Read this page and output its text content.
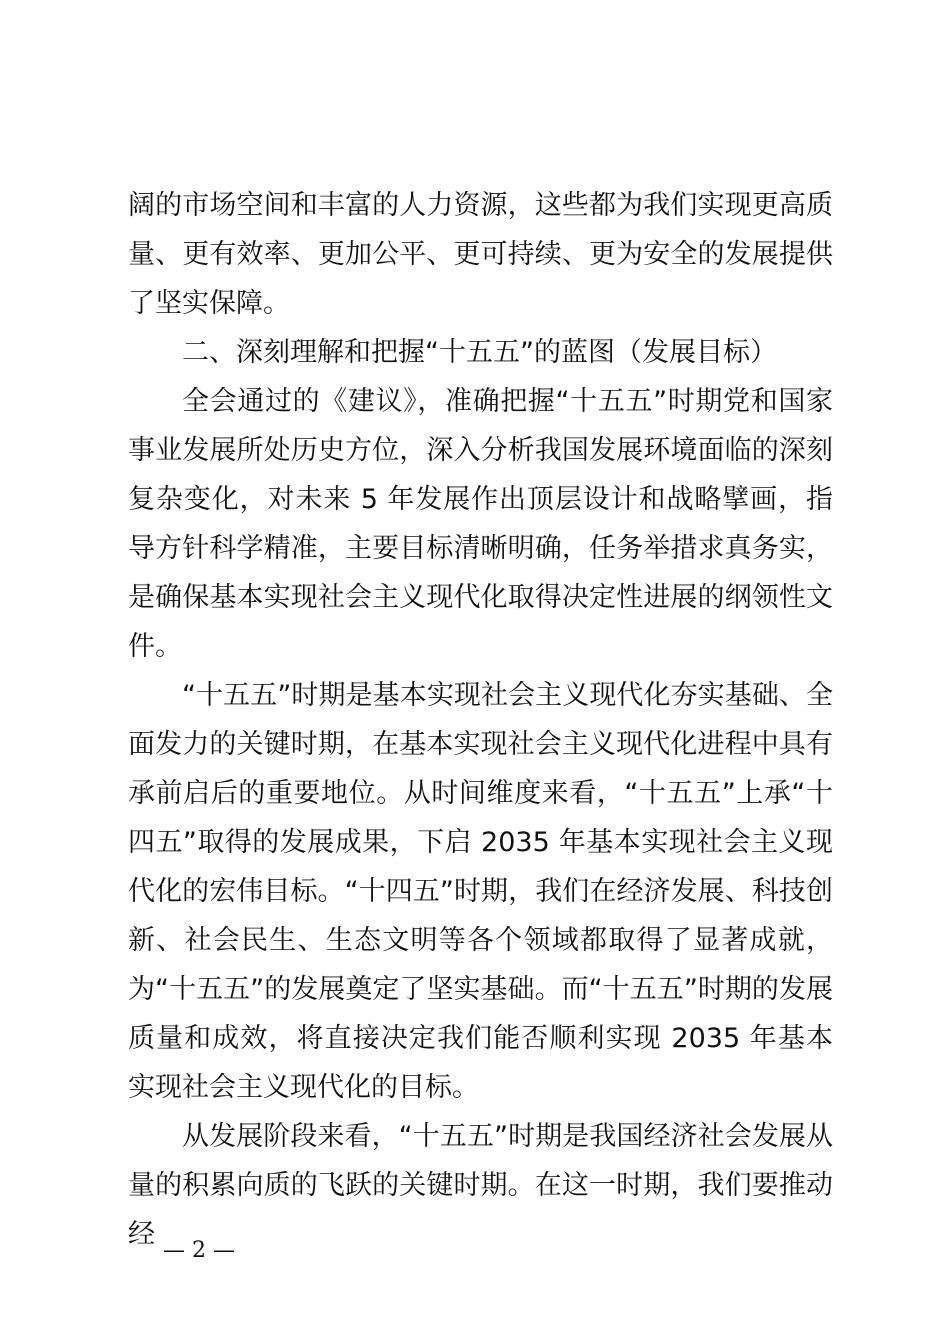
阔的市场空间和丰富的人力资源，这些都为我们实现更高质量、更有效率、更加公平、更可持续、更为安全的发展提供了坚实保障。

二、深刻理解和把握“十五五”的蓝图（发展目标）

全会通过的《建议》，准确把握“十五五”时期党和国家事业发展所处历史方位，深入分析我国发展环境面临的深刻复杂变化，对未来 5 年发展作出顶层设计和战略擘画，指导方针科学精准，主要目标清晰明确，任务举措求真务实，是确保基本实现社会主义现代化取得决定性进展的纲领性文件。

“十五五”时期是基本实现社会主义现代化夯实基础、全面发力的关键时期，在基本实现社会主义现代化进程中具有承前启后的重要地位。从时间维度来看，“十五五”上承“十四五”取得的发展成果，下启 2035 年基本实现社会主义现代化的宏伟目标。“十四五”时期，我们在经济发展、科技创新、社会民生、生态文明等各个领域都取得了显著成就，为“十五五”的发展奠定了坚实基础。而“十五五”时期的发展质量和成效，将直接决定我们能否顺利实现 2035 年基本实现社会主义现代化的目标。

从发展阶段来看，“十五五”时期是我国经济社会发展从量的积累向质的飞跃的关键时期。在这一时期，我们要推动经

— 2 —
